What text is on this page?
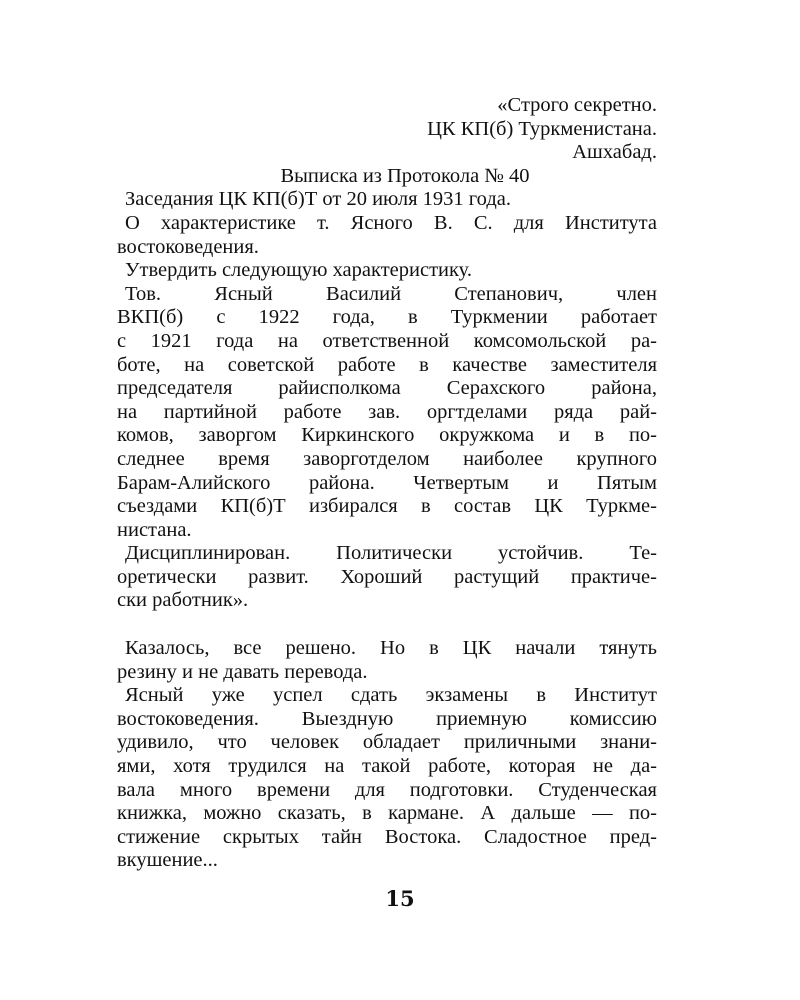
«Строго секретно.

ЦК КП(б) Туркменистана.

Ашхабад.

Выписка из Протокола № 40

Заседания ЦК КП(б)Т от 20 июля 1931 года.

О характеристике т. Ясного В. С. для Института
востоковедения.

Утвердить следующую характеристику.

Тов. Ясный Василий Степанович, член
ВКП(б) с 1922 года, в Туркмении работает
с 1921 года на ответственной комсомольской ра-
боте, на советской работе в качестве заместителя
председателя райисполкома Серахского района,
на партийной работе зав. оргтделами ряда рай-
комов, заворгом Киркинского окружкома и в по-
следнее время заворготделом наиболее крупного
Барам-Алийского района. Четвертым и Пятым
съездами КП(б)Т избирался в состав ЦК Туркме-
нистана.
Дисциплинирован. Политически устойчив. Те-
оретически развит. Хороший растущий практиче-
ски работник».
Казалось, все решено. Но в ЦК начали тянуть
резину и не давать перевода.
Ясный уже успел сдать экзамены в Институт
востоковедения. Выездную приемную комиссию
удивило, что человек обладает приличными знани-
ями, хотя трудился на такой работе, которая не да-
вала много времени для подготовки. Студенческая
книжка, можно сказать, в кармане. А дальше — по-
стижение скрытых тайн Востока. Сладостное пред-
вкушение...
15
